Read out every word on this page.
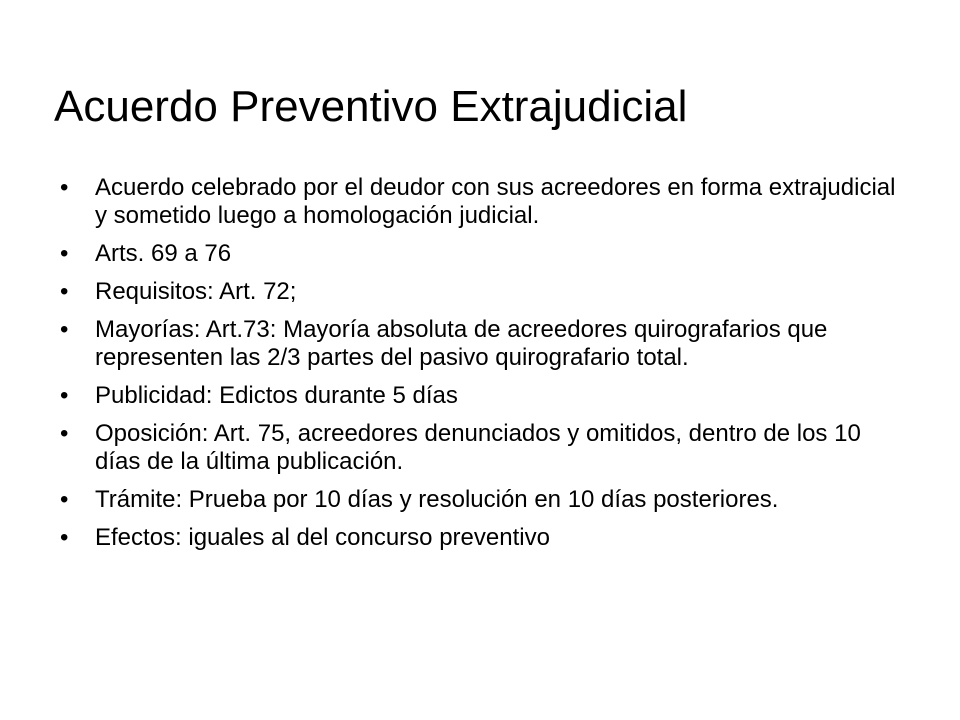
Acuerdo Preventivo Extrajudicial
• Acuerdo celebrado por el deudor con sus acreedores en forma extrajudicial y sometido luego a homologación judicial.
• Arts. 69 a 76
• Requisitos: Art. 72;
• Mayorías: Art.73: Mayoría absoluta de acreedores quirografarios que representen las 2/3 partes del pasivo quirografario total.
• Publicidad: Edictos durante 5 días
• Oposición: Art. 75, acreedores denunciados y omitidos, dentro de los 10 días de la última publicación.
• Trámite: Prueba por 10 días y resolución en 10 días posteriores.
• Efectos: iguales al del concurso preventivo
